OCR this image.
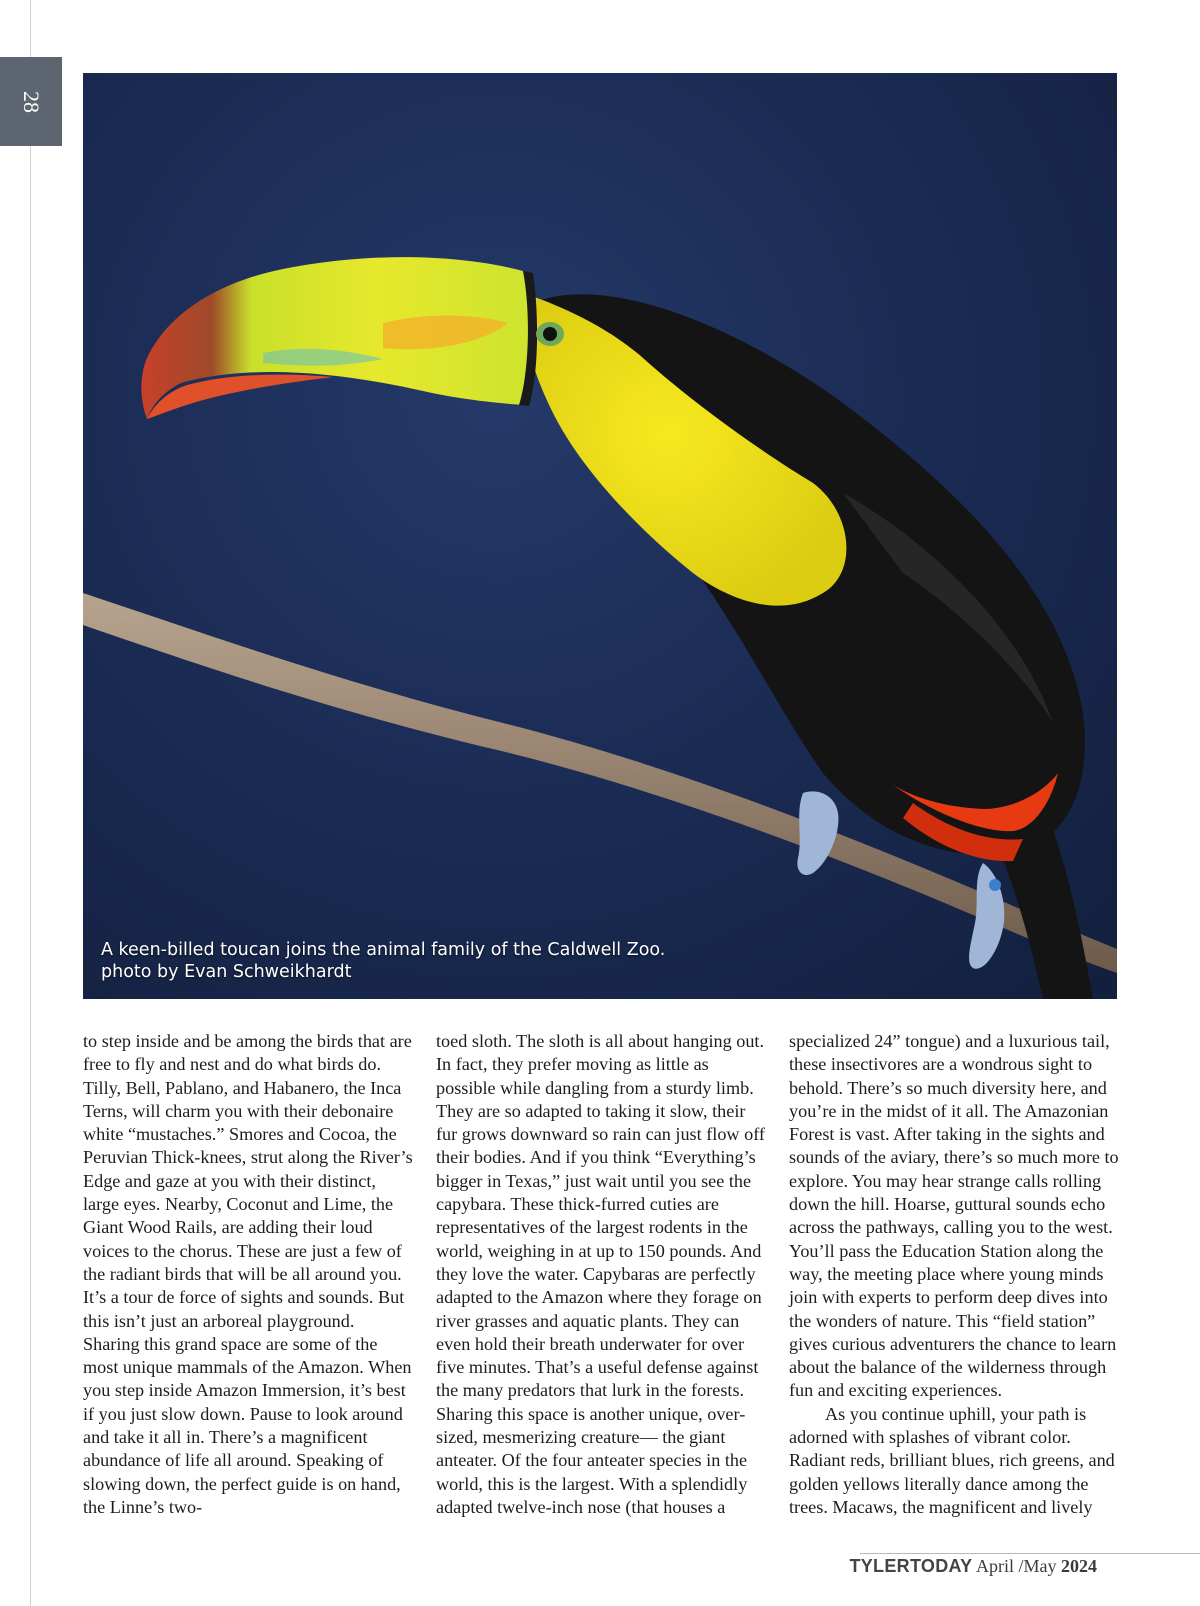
28
A keen-billed toucan joins the animal family of the Caldwell Zoo.
photo by Evan Schweikhardt

to step inside and be among the birds that are free to fly and nest and do what birds do. Tilly, Bell, Pablano, and Habanero, the Inca Terns, will charm you with their debonaire white “mustaches.” Smores and Cocoa, the Peruvian Thick-knees, strut along the River’s Edge and gaze at you with their distinct, large eyes. Nearby, Coconut and Lime, the Giant Wood Rails, are adding their loud voices to the chorus. These are just a few of the radiant birds that will be all around you. It’s a tour de force of sights and sounds. But this isn’t just an arboreal playground. Sharing this grand space are some of the most unique mammals of the Amazon. When you step inside Amazon Immersion, it’s best if you just slow down. Pause to look around and take it all in. There’s a magnificent abundance of life all around. Speaking of slowing down, the perfect guide is on hand, the Linne’s two-

toed sloth. The sloth is all about hanging out. In fact, they prefer moving as little as possible while dangling from a sturdy limb. They are so adapted to taking it slow, their fur grows downward so rain can just flow off their bodies. And if you think “Everything’s bigger in Texas,” just wait until you see the capybara. These thick-furred cuties are representatives of the largest rodents in the world, weighing in at up to 150 pounds. And they love the water. Capybaras are perfectly adapted to the Amazon where they forage on river grasses and aquatic plants. They can even hold their breath underwater for over five minutes. That’s a useful defense against the many predators that lurk in the forests. Sharing this space is another unique, over-sized, mesmerizing creature— the giant anteater. Of the four anteater species in the world, this is the largest. With a splendidly adapted twelve-inch nose (that houses a

specialized 24” tongue) and a luxurious tail, these insectivores are a wondrous sight to behold. There’s so much diversity here, and you’re in the midst of it all. The Amazonian Forest is vast. After taking in the sights and sounds of the aviary, there’s so much more to explore. You may hear strange calls rolling down the hill. Hoarse, guttural sounds echo across the pathways, calling you to the west. You’ll pass the Education Station along the way, the meeting place where young minds join with experts to perform deep dives into the wonders of nature. This “field station” gives curious adventurers the chance to learn about the balance of the wilderness through fun and exciting experiences.

As you continue uphill, your path is adorned with splashes of vibrant color. Radiant reds, brilliant blues, rich greens, and golden yellows literally dance among the trees. Macaws, the magnificent and lively

TYLERTODAY April /May 2024
